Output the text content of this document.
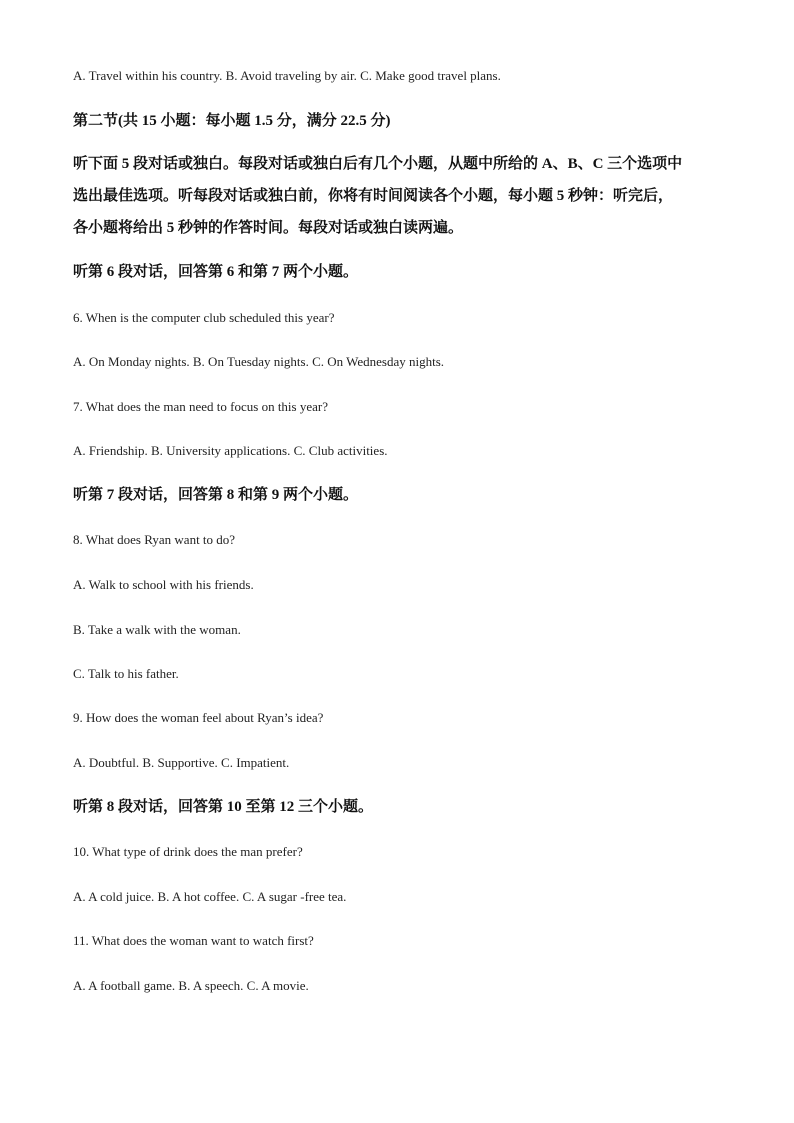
A. Travel within his country. B. Avoid traveling by air. C. Make good travel plans.
第二节(共 15 小题：每小题 1.5 分，满分 22.5 分)
听下面 5 段对话或独白。每段对话或独白后有几个小题，从题中所给的 A、B、C 三个选项中
选出最佳选项。听每段对话或独白前，你将有时间阅读各个小题，每小题 5 秒钟：听完后，
各小题将给出 5 秒钟的作答时间。每段对话或独白读两遍。
听第 6 段对话，回答第 6 和第 7 两个小题。
6. When is the computer club scheduled this year?
A. On Monday nights. B. On Tuesday nights. C. On Wednesday nights.
7. What does the man need to focus on this year?
A. Friendship. B. University applications. C. Club activities.
听第 7 段对话，回答第 8 和第 9 两个小题。
8. What does Ryan want to do?
A. Walk to school with his friends.
B. Take a walk with the woman.
C. Talk to his father.
9. How does the woman feel about Ryan’s idea?
A. Doubtful. B. Supportive. C. Impatient.
听第 8 段对话，回答第 10 至第 12 三个小题。
10. What type of drink does the man prefer?
A. A cold juice. B. A hot coffee. C. A sugar -free tea.
11. What does the woman want to watch first?
A. A football game. B. A speech. C. A movie.
